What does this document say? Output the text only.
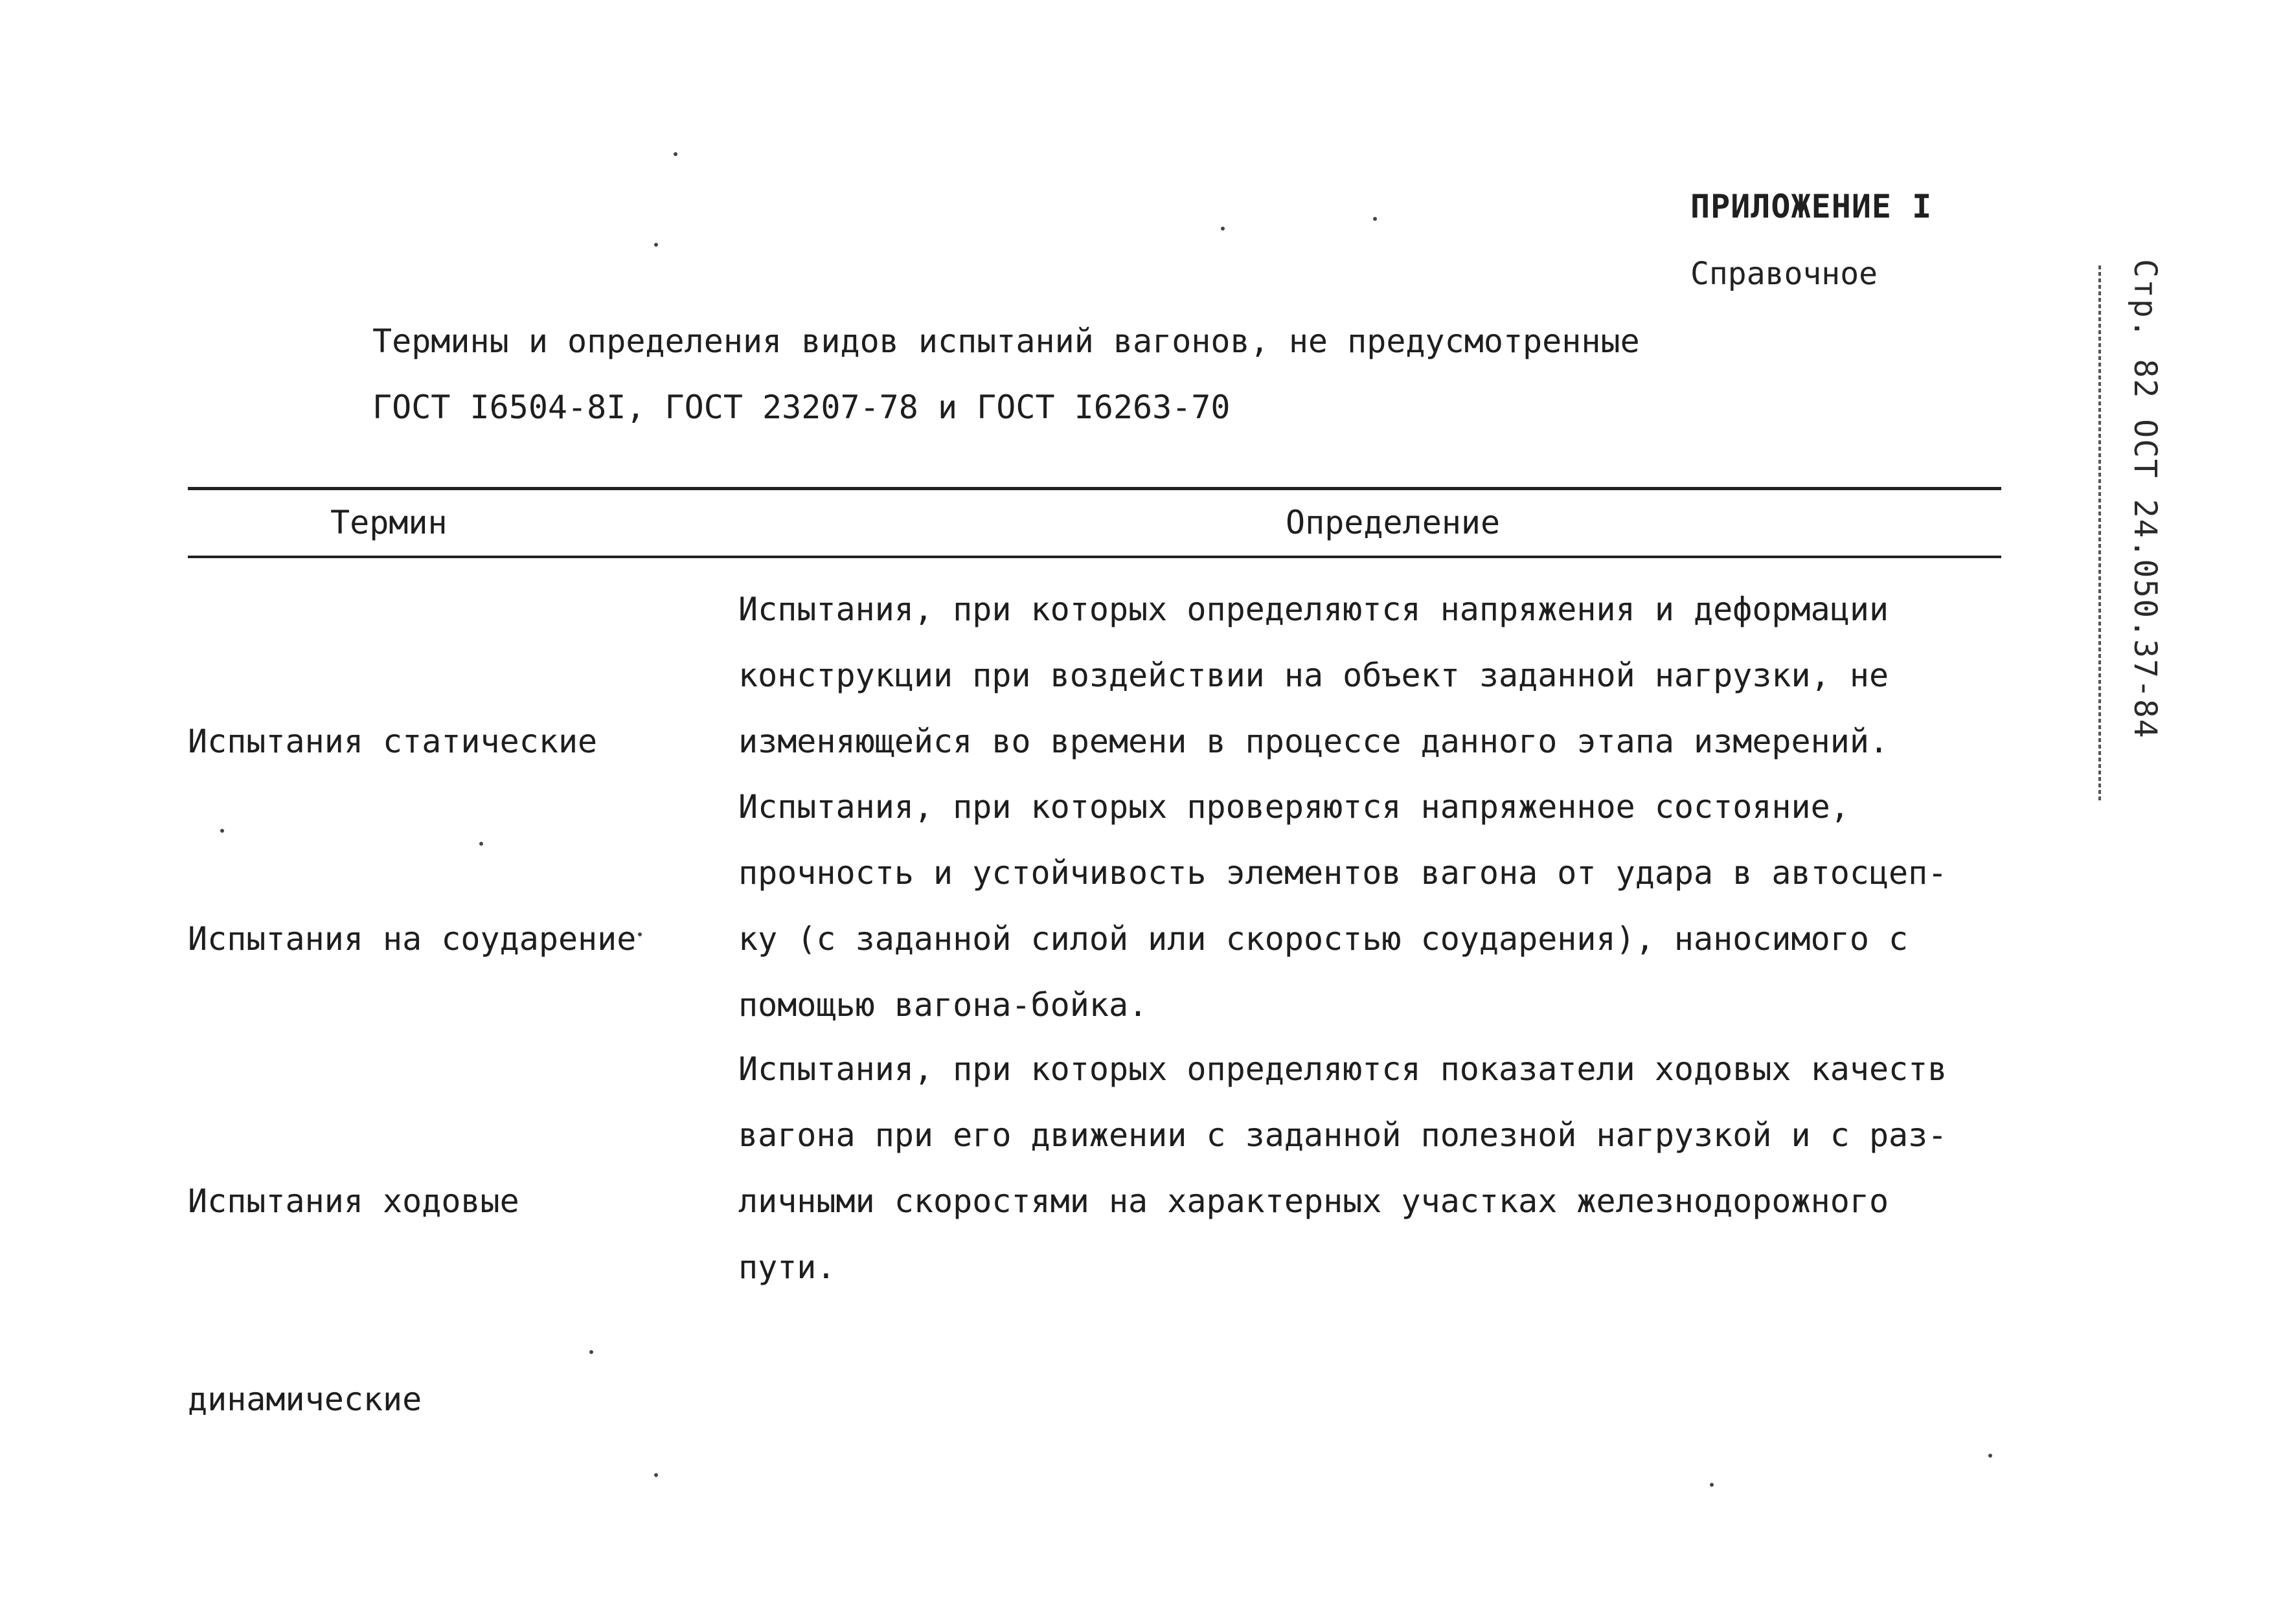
ПРИЛОЖЕНИЕ I
Справочное
Термины и определения видов испытаний вагонов, не предусмотренные
ГОСТ I6504-8I, ГОСТ 23207-78 и ГОСТ I6263-70
Термин	Определение

Испытания статические

Испытания, при которых определяются напряжения и деформации
конструкции при воздействии на объект заданной нагрузки, не
изменяющейся во времени в процессе данного этапа измерений.

Испытания на соударение

Испытания, при которых проверяются напряженное состояние,
прочность и устойчивость элементов вагона от удара в автосцеп-
ку (с заданной силой или скоростью соударения), наносимого с
помощью вагона-бойка.

Испытания ходовые

динамические

Испытания, при которых определяются показатели ходовых качеств
вагона при его движении с заданной полезной нагрузкой и с раз-
личными скоростями на характерных участках железнодорожного
пути.
Стр. 82 ОСТ 24.050.37-84
